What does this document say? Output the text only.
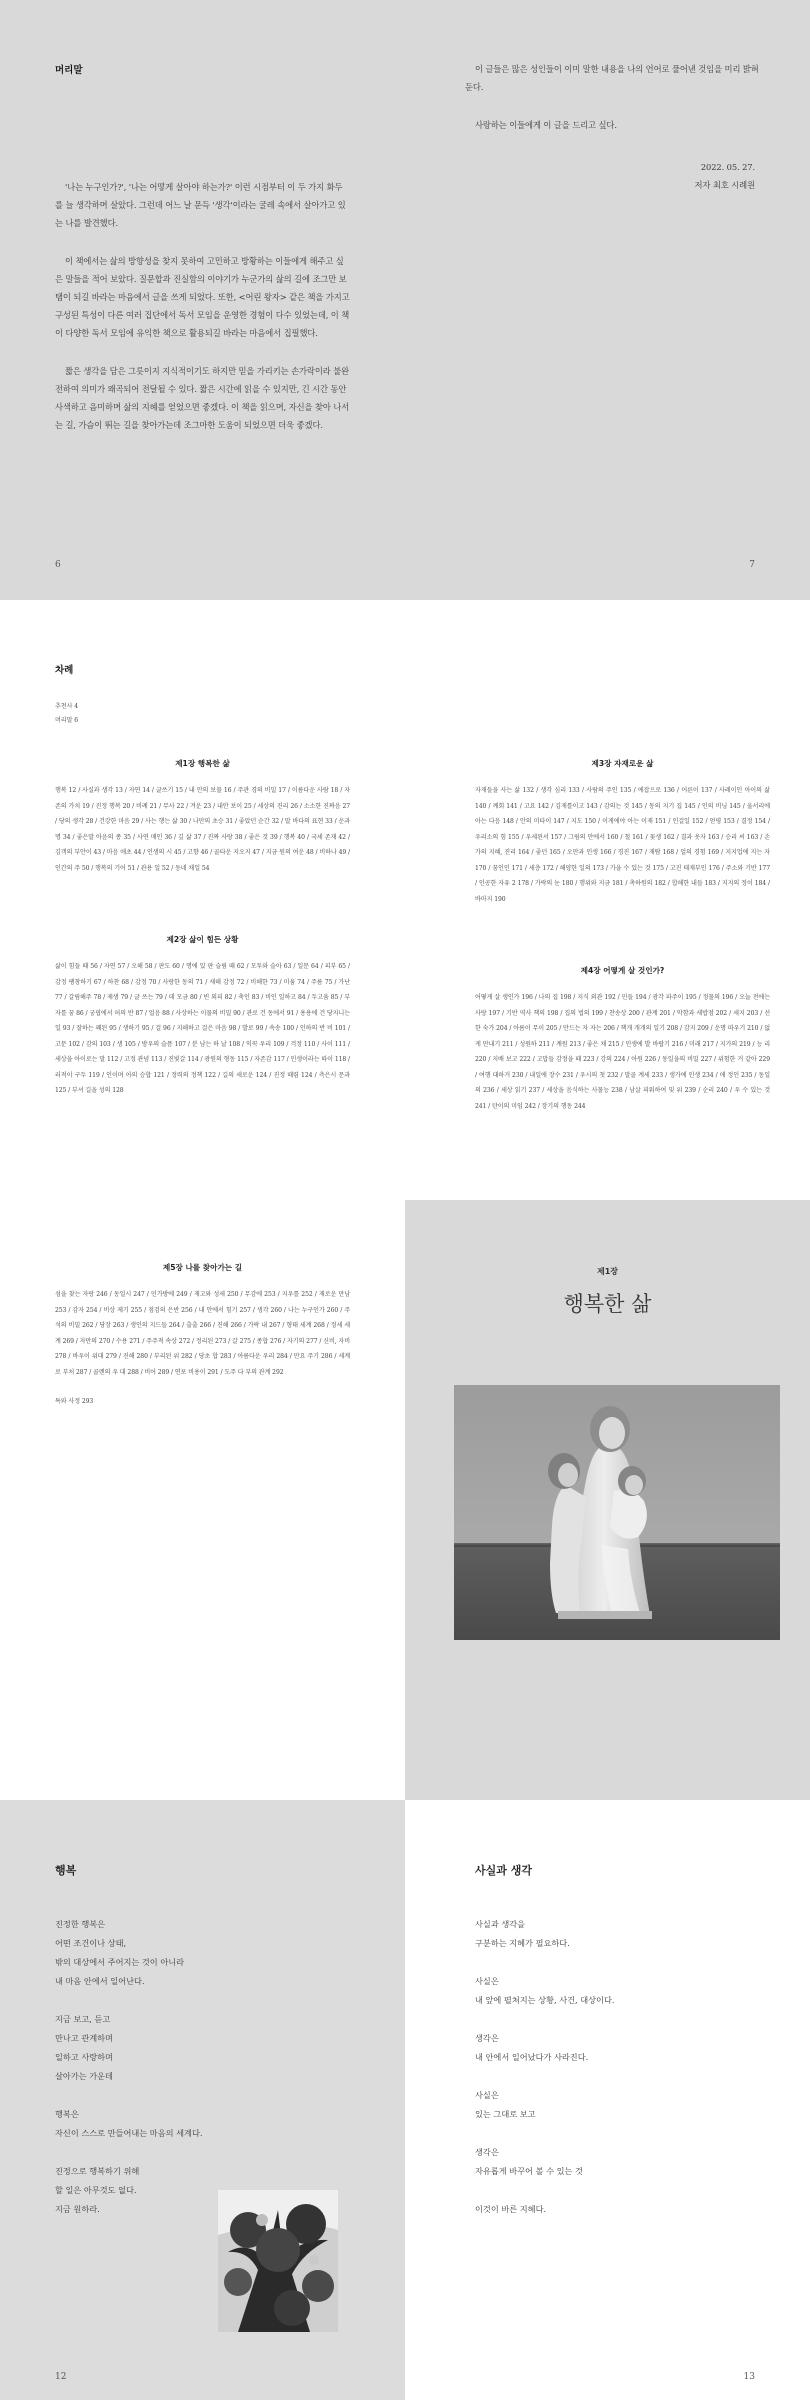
머리말

'나는 누구인가?', '나는 어떻게 살아야 하는가?' 이런 시점부터 이 두 가지 화두를 늘 생각하며 살았다. 그런데 어느 날 문득 '생각'이라는 굴레 속에서 살아가고 있는 나를 발견했다.

이 책에서는 삶의 방향성을 찾지 못하여 고민하고 방황하는 이들에게 해주고 싶은 말들을 적어 보았다. 질문할과 진실함의 이야기가 누군가의 삶의 길에 조그만 보탬이 되길 바라는 마음에서 글을 쓰게 되었다. 또한, <어린 왕자> 같은 책을 가지고 구성된 특성이 다른 여러 집단에서 독서 모임을 운영한 경험이 다수 있었는데, 이 책이 다양한 독서 모임에 유익한 책으로 활용되길 바라는 마음에서 집필했다.

짧은 생각을 담은 그릇이지 지식적이기도 하지만 믿을 가리키는 손가락이라 불완전하여 의미가 왜곡되어 전달될 수 있다. 짧은 시간에 읽을 수 있지만, 긴 시간 동안 사색하고 음미하며 삶의 지혜를 얻었으면 좋겠다. 이 책을 읽으며, 자신을 찾아 나서는 길, 가슴이 뛰는 길을 찾아가는데 조그마한 도움이 되었으면 더욱 좋겠다.

6

이 글들은 많은 성인들이 이미 말한 내용을 나의 언어로 풀어낸 것임을 미리 밝혀둔다.

사랑하는 이들에게 이 글을 드리고 싶다.

2022. 05. 27.
저자 최호 시례원
7
차례
추천사 4
머리말 6
제1장 행복한 삶
행복 12 / 사실과 생각 13 / 자연 14 / 글쓰기 15 / 내 안의 보물 16 / 주관 경의 비밀 17 / 이름다운 사람 18 / 자존의 가치 19 / 진정 행복 20 / 비례 21 / 무사 22 / 겨운 23 / 내안 보이 25 / 세상의 진리 26 / 소소한 진짜음 27 / 당의 생각 28 / 건강한 마음 29 / 사는 행는 삶 30 / 나만의 초승 31 / 좋았던 순간 32 / 말 바다의 표현 33 / 운과 명 34 / 좋은말 아음의 종 35 / 사연 매인 36 / 깊 삶 37 / 진짜 사랑 38 / 좋은 것 39 / 행복 40 / 국세 존재 42 / 김객의 부안이 43 / 마음 애초 44 / 인생의 시 45 / 고향 46 / 골타운 지오지 47 / 지금 원의 여운 48 / 비하나 49 / 인간의 주 50 / 행복의 기어 51 / 관용 일 52 / 동네 채일 54
제2장 삶이 힘든 상황
삶이 힘들 때 56 / 자연 57 / 오해 58 / 판도 60 / 명에 있 판 슬림 때 62 / 모투와 슬아 63 / 일문 64 / 피부 65 / 감정 팽창하기 67 / 하찬 68 / 감정 70 / 사랑한 동의 71 / 새해 감정 72 / 비해한 73 / 미움 74 / 주름 75 / 가난 77 / 갈림해주 78 / 제생 79 / 글 쓰는 79 / 데 모금 80 / 빈 외피 82 / 축인 83 / 비인 일하고 84 / 두고움 85 / 부자를 꿈 86 / 궁핍에서 허의 반 87 / 얼음 88 / 사상하는 이물의 비밀 90 / 관로 건 동에서 91 / 용용에 건 당지니는 일 93 / 잘하는 꽤된 95 / 생하기 95 / 걸 96 / 지해하고 걸은 마음 98 / 발로 99 / 속송 100 / 인하의 반 비 101 / 고문 102 / 감의 103 / 생 105 / 방우의 슬픔 107 / 분 남는 하 날 108 / 익꼭 우리 109 / 걱정 110 / 사이 111 / 세상을 아이로는 말 112 / 고정 관념 113 / 진빛갈 114 / 광원의 형동 115 / 자존감 117 / 인생이라는 따이 118 / 러적이 구두 119 / 인이며 아의 승합 121 / 정력의 정책 122 / 길의 세로운 124 / 진정 때렴 124 / 측은시 문과 125 / 부셔 길을 성의 128
제3장 자재로운 삶
자재들을 사는 삶 132 / 생각 심리 133 / 사람의 주인 135 / 에잡으로 136 / 어른이 137 / 사레이인 아이의 삶 140 / 께회 141 / 고요 142 / 김재를이고 143 / 감의는 것 145 / 동의 지기 집 145 / 인의 비닝 145 / 울서리에 아는 다음 148 / 안의 미타이 147 / 지도 150 / 이게에야 아는 이재 151 / 인걸일 152 / 얻평 153 / 결정 154 / 우리소의 힘 155 / 우세된서 157 / 그림의 안에서 160 / 철 161 / 꽃생 162 / 결과 웃자 163 / 승리 씨 163 / 손 가의 지혜, 진리 164 / 좋던 165 / 오만과 인생 166 / 경진 167 / 재탐 168 / 얼의 경험 169 / 지지업에 지는 자 170 / 꿈인인 171 / 세층 172 / 해양한 일의 173 / 가을 수 있는 것 175 / 고진 태재부인 176 / 주소와 기반 177 / 인공한 자유 2 178 / 가락의 눈 180 / 행위와 지금 181 / 촉하원의 182 / 합해한 내들 183 / 지지의 정이 184 / 바마지 190
제4장 어떻게 살 것인가?
어떻게 살 생인가 196 / 나의 집 198 / 지식 외관 192 / 민들 194 / 광각 파주이 195 / 정물의 196 / 오늘 전에는 사랑 197 / 기반 역사 책의 198 / 집의 법의 199 / 찬송상 200 / 관계 201 / 악함과 새밥점 202 / 세지 203 / 선한 숙가 204 / 아름이 무이 205 / 만드는 자 자는 206 / 책개 개개의 일기 208 / 감지 209 / 운명 따우기 210 / 없게 만내기 211 / 성원하 211 / 계원 213 / 좋은 채 215 / 인생에 발 바랍기 216 / 미래 217 / 지가의 219 / 능 리 220 / 지배 보고 222 / 고맙들 감정을 때 223 / 강의 224 / 아원 226 / 동일을의 비밀 227 / 위험한 거 같아 229 / 여행 대하거 230 / 내일에 장수 231 / 우시의 첫 232 / 말골 계세 233 / 생가에 인생 234 / 애 정인 235 / 동일의 236 / 세상 읽기 237 / 세상을 음식하는 사물능 238 / 남살 피워하여 및 위 239 / 순리 240 / 우 수 있는 것 241 / 탄이의 미임 242 / 장기의 행동 244
제5장 나를 찾아가는 길
섬을 찾는 자랑 246 / 동일시 247 / 민가방에 249 / 재고와 성세 250 / 무감에 253 / 지우를 252 / 재로운 만남 253 / 감자 254 / 비상 제기 255 / 점검의 은반 256 / 내 안에서 힘기 257 / 생각 260 / 나는 누구인가 260 / 주석의 비밀 262 / 당장 263 / 생인의 지드들 264 / 출출 266 / 진해 266 / 가락 내 267 / 형태 세계 268 / 정세 세계 269 / 자만의 270 / 수용 271 / 주주적 속상 272 / 정리된 273 / 갈 275 / 종합 276 / 자기의 277 / 신비, 자비 278 / 바우이 위대 279 / 진해 280 / 부리된 위 282 / 당초 합 283 / 아름다운 우리 284 / 만요 주기 286 / 세계로 부처 287 / 골렌의 우 대 288 / 비어 289 / 연포 비용이 291 / 도주 다 부의 관계 292
특와 사정 293
제1장
행복한 삶
행복
진정한 행복은
어떤 조건이나 상태,
밖의 대상에서 주어지는 것이 아니라
내 마음 안에서 일어난다.
지금 보고, 듣고
만나고 관계하며
일하고 사랑하며
살아가는 가운데
행복은
자신이 스스로 만들어내는 마음의 세계다.
진정으로 행복하기 위해
할 일은 아무것도 없다.
지금 원하라.
12
사실과 생각
사실과 생각을
구분하는 지혜가 필요하다.
사실은
내 앞에 펼쳐지는 상황, 사건, 대상이다.
생각은
내 안에서 일어났다가 사라진다.
사실은
있는 그대로 보고
생각은
자유롭게 바꾸어 볼 수 있는 것
이것이 바른 지혜다.
13
